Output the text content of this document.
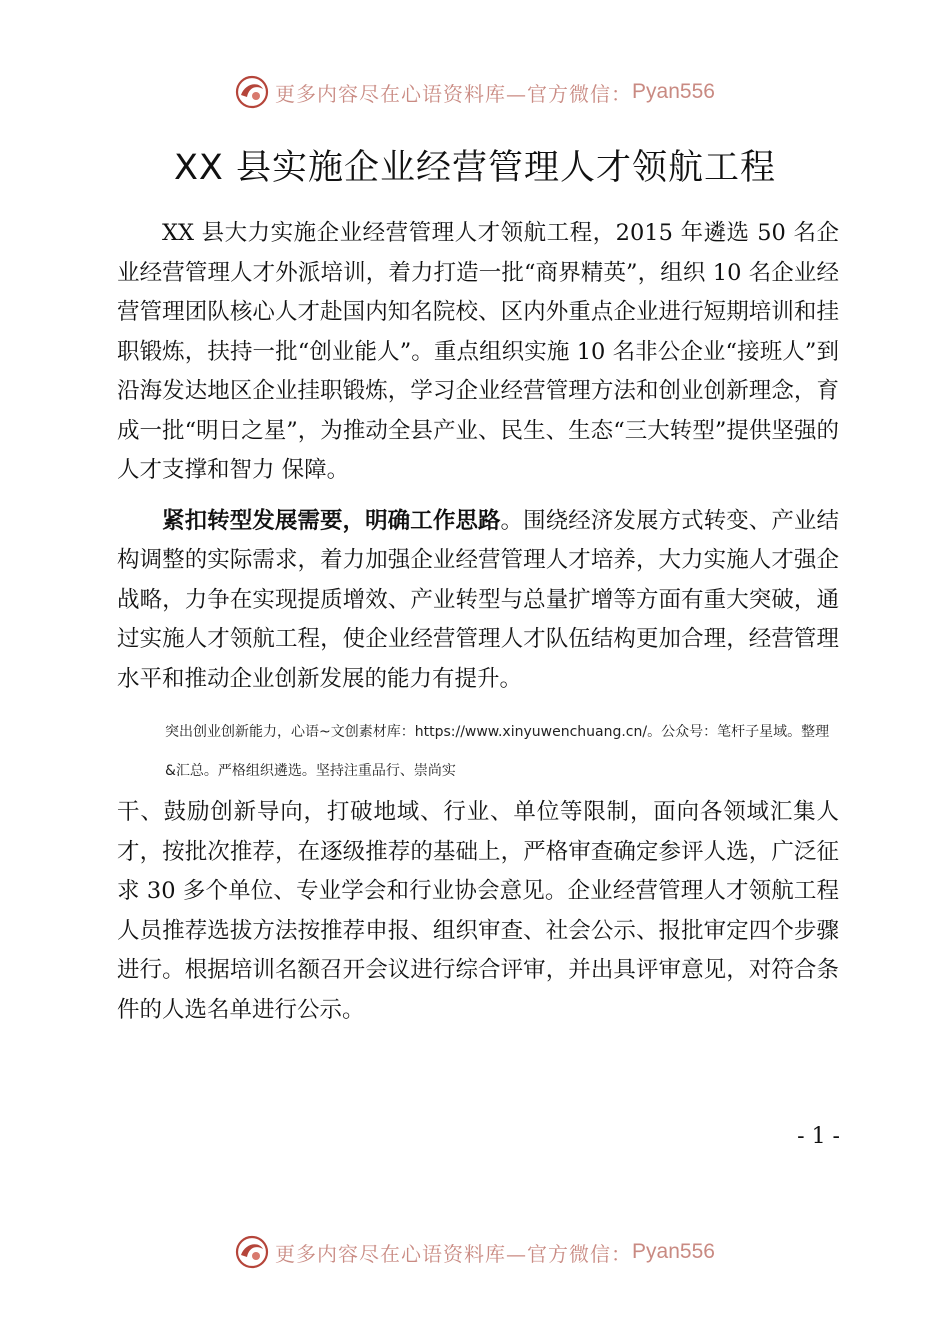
更多内容尽在心语资料库—官方微信： Pyan556
XX 县实施企业经营管理人才领航工程

XX 县大力实施企业经营管理人才领航工程，2015 年遴选 50 名企业经营管理人才外派培训，着力打造一批“商界精英”，组织 10 名企业经营管理团队核心人才赴国内知名院校、区内外重点企业进行短期培训和挂职锻炼，扶持一批“创业能人”。重点组织实施 10 名非公企业“接班人”到沿海发达地区企业挂职锻炼，学习企业经营管理方法和创业创新理念，育成一批“明日之星”，为推动全县产业、民生、生态“三大转型”提供坚强的人才支撑和智力 保障。

紧扣转型发展需要，明确工作思路。围绕经济发展方式转变、产业结构调整的实际需求，着力加强企业经营管理人才培养，大力实施人才强企战略，力争在实现提质增效、产业转型与总量扩增等方面有重大突破，通过实施人才领航工程，使企业经营管理人才队伍结构更加合理，经营管理水平和推动企业创新发展的能力有提升。

突出创业创新能力，心语~文创素材库：https://www.xinyuwenchuang.cn/。公众号：笔杆子星域。整理&汇总。严格组织遴选。坚持注重品行、崇尚实

干、鼓励创新导向，打破地域、行业、单位等限制，面向各领域汇集人才，按批次推荐，在逐级推荐的基础上，严格审查确定参评人选，广泛征求 30 多个单位、专业学会和行业协会意见。企业经营管理人才领航工程人员推荐选拔方法按推荐申报、组织审查、社会公示、报批审定四个步骤进行。根据培训名额召开会议进行综合评审，并出具评审意见，对符合条件的人选名单进行公示。

- 1 -
更多内容尽在心语资料库—官方微信： Pyan556
